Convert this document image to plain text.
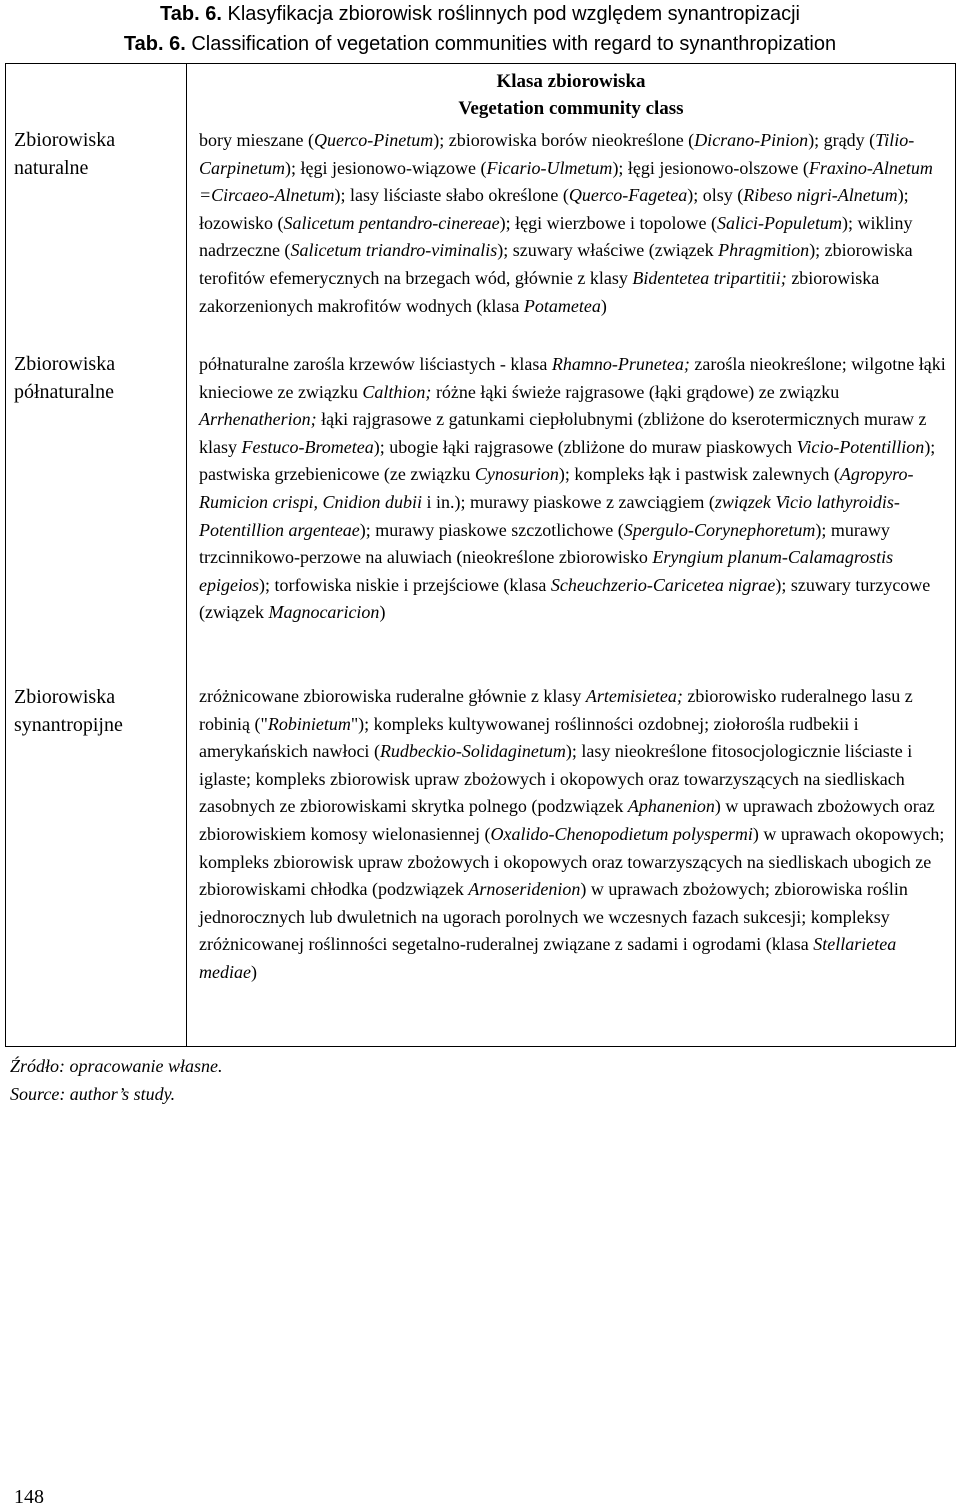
Tab. 6. Klasyfikacja zbiorowisk roślinnych pod względem synantropizacji
Tab. 6. Classification of vegetation communities with regard to synanthropization
Klasa zbiorowiska
Vegetation community class
Zbiorowiska
naturalne
bory mieszane (Querco-Pinetum); zbiorowiska borów nieokreślone (Dicrano-Pinion); grądy (Tilio-Carpinetum); łęgi jesionowo-wiązowe (Ficario-Ulmetum); łęgi jesionowo-olszowe (Fraxino-Alnetum =Circaeo-Alnetum); lasy liściaste słabo określone (Querco-Fagetea); olsy (Ribeso nigri-Alnetum); łozowisko (Salicetum pentandro-cinereae); łęgi wierzbowe i topolowe (Salici-Populetum); wikliny nadrzeczne (Salicetum triandro-viminalis); szuwary właściwe (związek Phragmition); zbiorowiska terofitów efemerycznych na brzegach wód, głównie z klasy Bidentetea tripartitii; zbiorowiska zakorzenionych makrofitów wodnych (klasa Potametea)
Zbiorowiska
półnaturalne
półnaturalne zarośla krzewów liściastych - klasa Rhamno-Prunetea; zarośla nieokreślone; wilgotne łąki knieciowe ze związku Calthion; różne łąki świeże rajgrasowe (łąki grądowe) ze związku Arrhenatherion; łąki rajgrasowe z gatunkami ciepłolubnymi (zbliżone do kserotermicznych muraw z klasy Festuco-Brometea); ubogie łąki rajgrasowe (zbliżone do muraw piaskowych Vicio-Potentillion); pastwiska grzebienicowe (ze związku Cynosurion); kompleks łąk i pastwisk zalewnych (Agropyro-Rumicion crispi, Cnidion dubii i in.); murawy piaskowe z zawciągiem (związek Vicio lathyroidis-Potentillion argenteae); murawy piaskowe szczotlichowe (Spergulo-Corynephoretum); murawy trzcinnikowo-perzowe na aluwiach (nieokreślone zbiorowisko Eryngium planum-Calamagrostis epigeios); torfowiska niskie i przejściowe (klasa Scheuchzerio-Caricetea nigrae); szuwary turzycowe (związek Magnocaricion)
Zbiorowiska
synantropijne
zróżnicowane zbiorowiska ruderalne głównie z klasy Artemisietea; zbiorowisko ruderalnego lasu z robinią ("Robinietum"); kompleks kultywowanej roślinności ozdobnej; ziołorośla rudbekii i amerykańskich nawłoci (Rudbeckio-Solidaginetum); lasy nieokreślone fitosocjologicznie liściaste i iglaste; kompleks zbiorowisk upraw zbożowych i okopowych oraz towarzyszących na siedliskach zasobnych ze zbiorowiskami skrytka polnego (podzwiązek Aphanenion) w uprawach zbożowych oraz zbiorowiskiem komosy wielonasiennej (Oxalido-Chenopodietum polyspermi) w uprawach okopowych; kompleks zbiorowisk upraw zbożowych i okopowych oraz towarzyszących na siedliskach ubogich ze zbiorowiskami chłodka (podzwiązek Arnoseridenion) w uprawach zbożowych; zbiorowiska roślin jednorocznych lub dwuletnich na ugorach porolnych we wczesnych fazach sukcesji; kompleksy zróżnicowanej roślinności segetalno-ruderalnej związane z sadami i ogrodami (klasa Stellarietea mediae)
Źródło: opracowanie własne.
Source: author’s study.
148
